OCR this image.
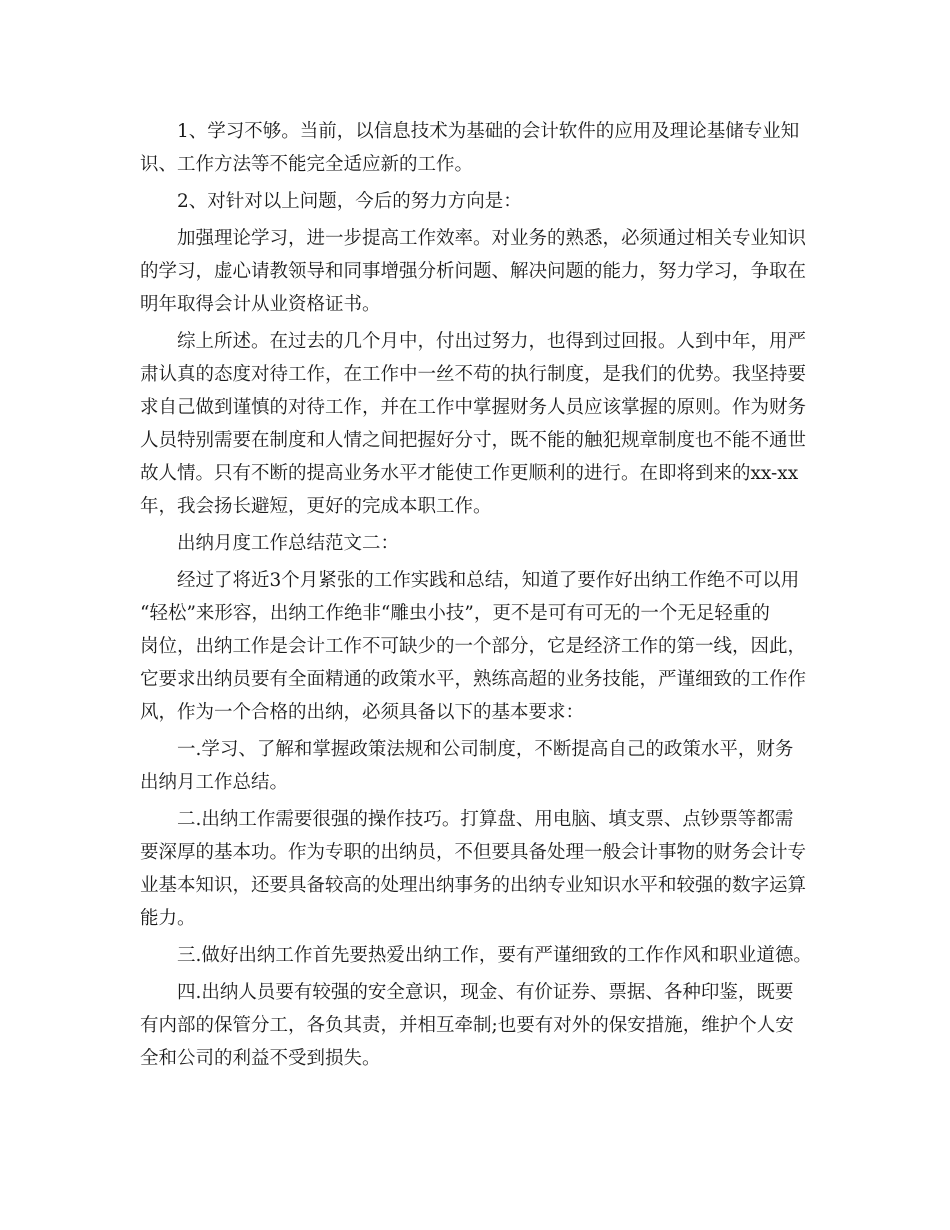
1、学习不够。当前，以信息技术为基础的会计软件的应用及理论基储专业知
识、工作方法等不能完全适应新的工作。
2、对针对以上问题，今后的努力方向是：
加强理论学习，进一步提高工作效率。对业务的熟悉，必须通过相关专业知识
的学习，虚心请教领导和同事增强分析问题、解决问题的能力，努力学习，争取在
明年取得会计从业资格证书。
综上所述。在过去的几个月中，付出过努力，也得到过回报。人到中年，用严
肃认真的态度对待工作，在工作中一丝不苟的执行制度，是我们的优势。我坚持要
求自己做到谨慎的对待工作，并在工作中掌握财务人员应该掌握的原则。作为财务
人员特别需要在制度和人情之间把握好分寸，既不能的触犯规章制度也不能不通世
故人情。只有不断的提高业务水平才能使工作更顺利的进行。在即将到来的xx-xx
年，我会扬长避短，更好的完成本职工作。
出纳月度工作总结范文二：
经过了将近3个月紧张的工作实践和总结，知道了要作好出纳工作绝不可以用
“轻松”来形容，出纳工作绝非“雕虫小技”，更不是可有可无的一个无足轻重的
岗位，出纳工作是会计工作不可缺少的一个部分，它是经济工作的第一线，因此，
它要求出纳员要有全面精通的政策水平，熟练高超的业务技能，严谨细致的工作作
风，作为一个合格的出纳，必须具备以下的基本要求：
一.学习、了解和掌握政策法规和公司制度，不断提高自己的政策水平，财务
出纳月工作总结。
二.出纳工作需要很强的操作技巧。打算盘、用电脑、填支票、点钞票等都需
要深厚的基本功。作为专职的出纳员，不但要具备处理一般会计事物的财务会计专
业基本知识，还要具备较高的处理出纳事务的出纳专业知识水平和较强的数字运算
能力。
三.做好出纳工作首先要热爱出纳工作，要有严谨细致的工作作风和职业道德。
四.出纳人员要有较强的安全意识，现金、有价证券、票据、各种印鉴，既要
有内部的保管分工，各负其责，并相互牵制;也要有对外的保安措施，维护个人安
全和公司的利益不受到损失。
